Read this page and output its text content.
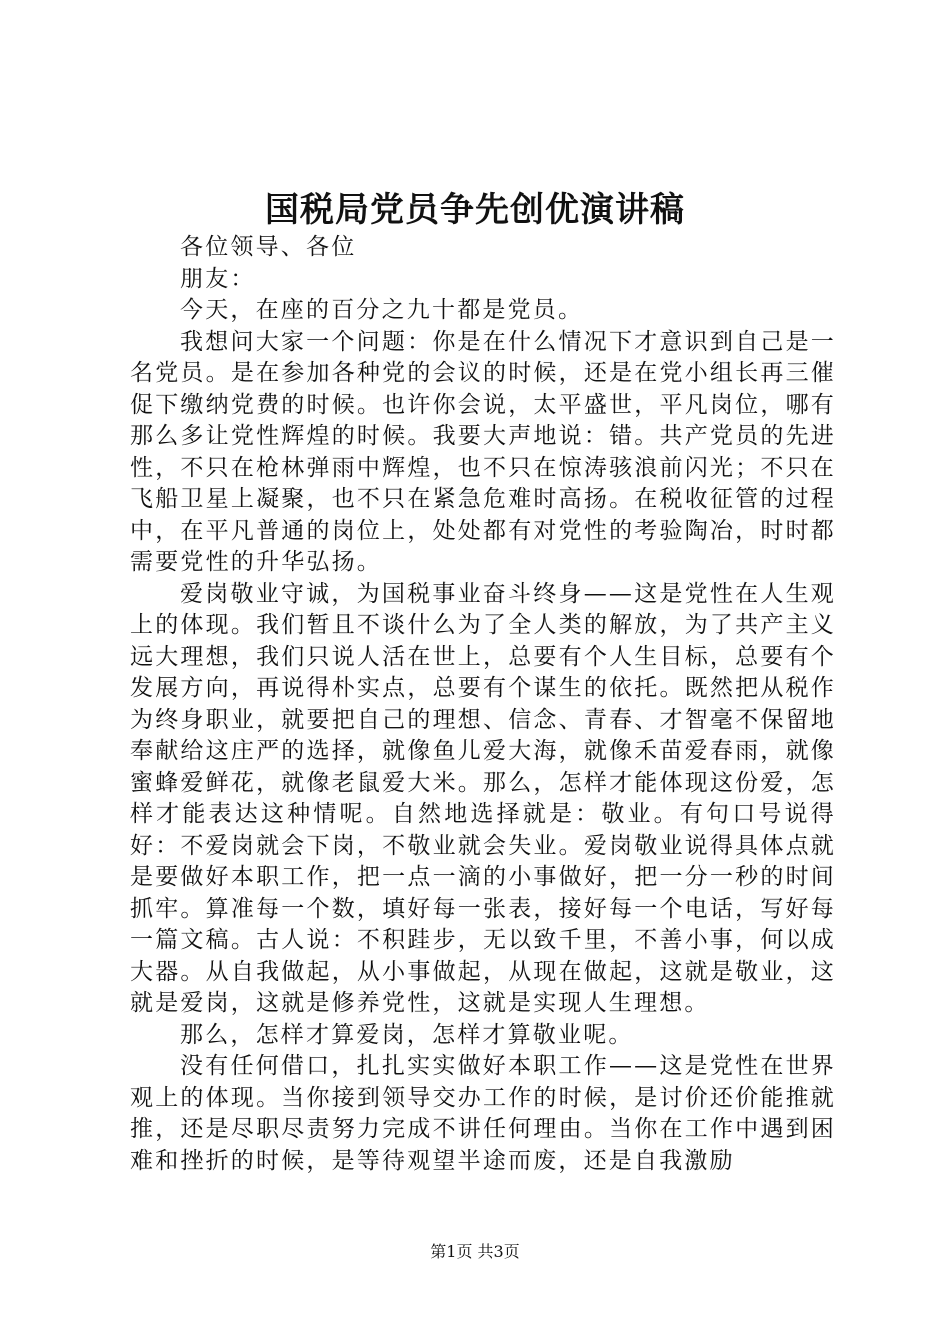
国税局党员争先创优演讲稿

各位领导、各位

朋友：

今天，在座的百分之九十都是党员。

我想问大家一个问题：你是在什么情况下才意识到自己是一名党员。是在参加各种党的会议的时候，还是在党小组长再三催促下缴纳党费的时候。也许你会说，太平盛世，平凡岗位，哪有那么多让党性辉煌的时候。我要大声地说：错。共产党员的先进性，不只在枪林弹雨中辉煌，也不只在惊涛骇浪前闪光；不只在飞船卫星上凝聚，也不只在紧急危难时高扬。在税收征管的过程中，在平凡普通的岗位上，处处都有对党性的考验陶冶，时时都需要党性的升华弘扬。

爱岗敬业守诚，为国税事业奋斗终身——这是党性在人生观上的体现。我们暂且不谈什么为了全人类的解放，为了共产主义远大理想，我们只说人活在世上，总要有个人生目标，总要有个发展方向，再说得朴实点，总要有个谋生的依托。既然把从税作为终身职业，就要把自己的理想、信念、青春、才智毫不保留地奉献给这庄严的选择，就像鱼儿爱大海，就像禾苗爱春雨，就像蜜蜂爱鲜花，就像老鼠爱大米。那么，怎样才能体现这份爱，怎样才能表达这种情呢。自然地选择就是：敬业。有句口号说得好：不爱岗就会下岗，不敬业就会失业。爱岗敬业说得具体点就是要做好本职工作，把一点一滴的小事做好，把一分一秒的时间抓牢。算准每一个数，填好每一张表，接好每一个电话，写好每一篇文稿。古人说：不积跬步，无以致千里，不善小事，何以成大器。从自我做起，从小事做起，从现在做起，这就是敬业，这就是爱岗，这就是修养党性，这就是实现人生理想。

那么，怎样才算爱岗，怎样才算敬业呢。

没有任何借口，扎扎实实做好本职工作——这是党性在世界观上的体现。当你接到领导交办工作的时候，是讨价还价能推就推，还是尽职尽责努力完成不讲任何理由。当你在工作中遇到困难和挫折的时候，是等待观望半途而废，还是自我激励

第1页 共3页
